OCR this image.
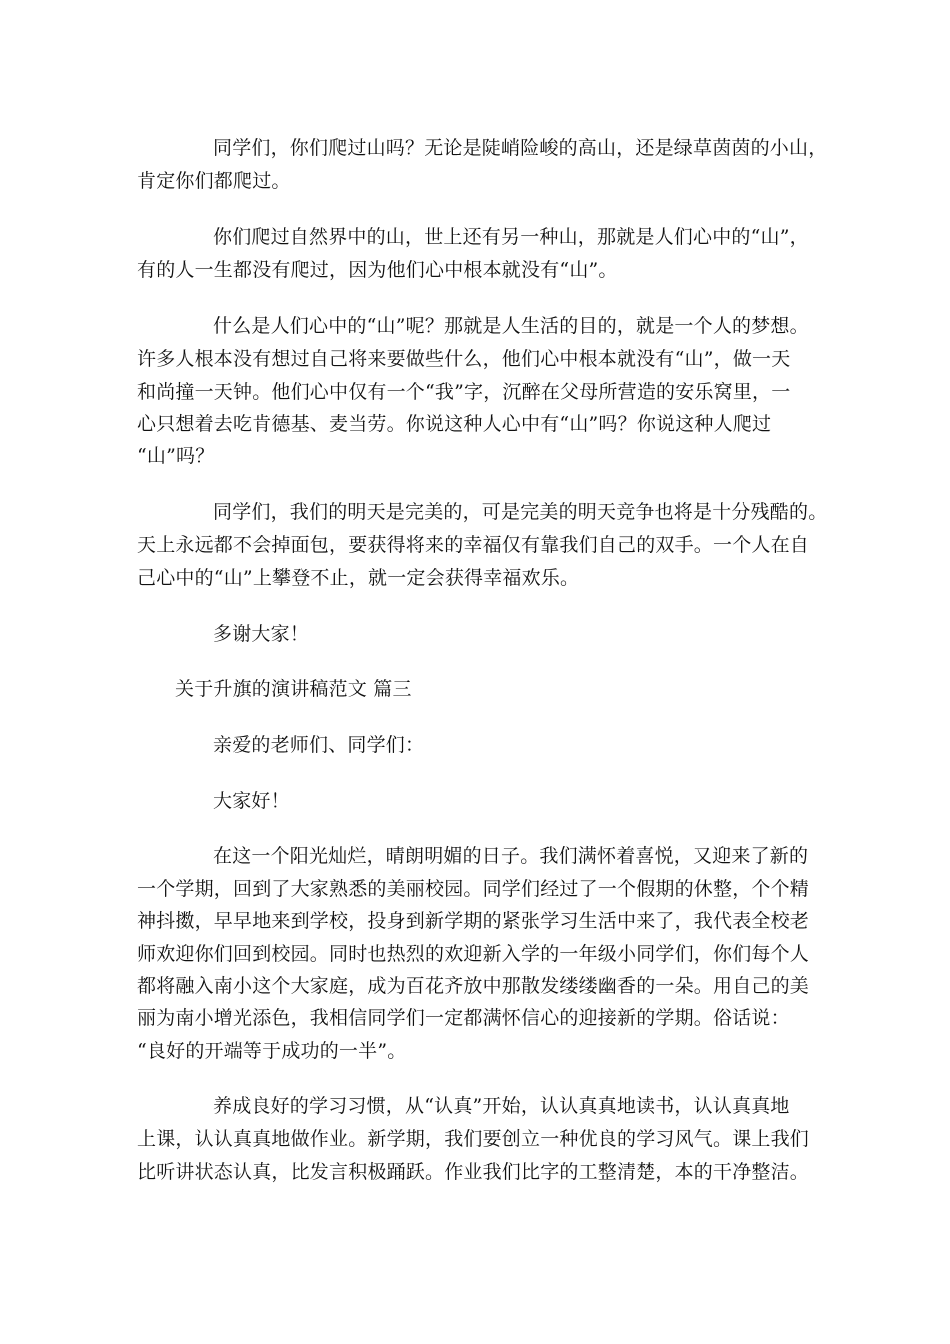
同学们，你们爬过山吗？无论是陡峭险峻的高山，还是绿草茵茵的小山，
肯定你们都爬过。
你们爬过自然界中的山，世上还有另一种山，那就是人们心中的“山”，
有的人一生都没有爬过，因为他们心中根本就没有“山”。
什么是人们心中的“山”呢？那就是人生活的目的，就是一个人的梦想。
许多人根本没有想过自己将来要做些什么，他们心中根本就没有“山”，做一天
和尚撞一天钟。他们心中仅有一个“我”字，沉醉在父母所营造的安乐窝里，一
心只想着去吃肯德基、麦当劳。你说这种人心中有“山”吗？你说这种人爬过
“山”吗？
同学们，我们的明天是完美的，可是完美的明天竞争也将是十分残酷的。
天上永远都不会掉面包，要获得将来的幸福仅有靠我们自己的双手。一个人在自
己心中的“山”上攀登不止，就一定会获得幸福欢乐。
多谢大家！
关于升旗的演讲稿范文 篇三
亲爱的老师们、同学们：
大家好！
在这一个阳光灿烂，晴朗明媚的日子。我们满怀着喜悦，又迎来了新的
一个学期，回到了大家熟悉的美丽校园。同学们经过了一个假期的休整，个个精
神抖擞，早早地来到学校，投身到新学期的紧张学习生活中来了，我代表全校老
师欢迎你们回到校园。同时也热烈的欢迎新入学的一年级小同学们，你们每个人
都将融入南小这个大家庭，成为百花齐放中那散发缕缕幽香的一朵。用自己的美
丽为南小增光添色，我相信同学们一定都满怀信心的迎接新的学期。俗话说：
“良好的开端等于成功的一半”。
养成良好的学习习惯，从“认真”开始，认认真真地读书，认认真真地
上课，认认真真地做作业。新学期，我们要创立一种优良的学习风气。课上我们
比听讲状态认真，比发言积极踊跃。作业我们比字的工整清楚，本的干净整洁。
